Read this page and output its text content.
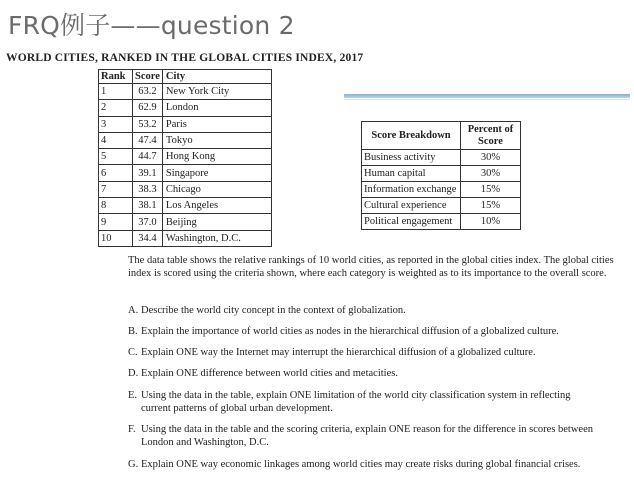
FRQ例子——question 2
WORLD CITIES, RANKED IN THE GLOBAL CITIES INDEX, 2017
Rank	Score	City
1	63.2	New York City
2	62.9	London
3	53.2	Paris
4	47.4	Tokyo
5	44.7	Hong Kong
6	39.1	Singapore
7	38.3	Chicago
8	38.1	Los Angeles
9	37.0	Beijing
10	34.4	Washington, D.C.
Score Breakdown	Percent of Score
Business activity	30%
Human capital	30%
Information exchange	15%
Cultural experience	15%
Political engagement	10%
The data table shows the relative rankings of 10 world cities, as reported in the global cities index. The global cities index is scored using the criteria shown, where each category is weighted as to its importance to the overall score.
A. Describe the world city concept in the context of globalization.
B. Explain the importance of world cities as nodes in the hierarchical diffusion of a globalized culture.
C. Explain ONE way the Internet may interrupt the hierarchical diffusion of a globalized culture.
D. Explain ONE difference between world cities and metacities.
E. Using the data in the table, explain ONE limitation of the world city classification system in reflecting
current patterns of global urban development.
F. Using the data in the table and the scoring criteria, explain ONE reason for the difference in scores between
London and Washington, D.C.
G. Explain ONE way economic linkages among world cities may create risks during global financial crises.
